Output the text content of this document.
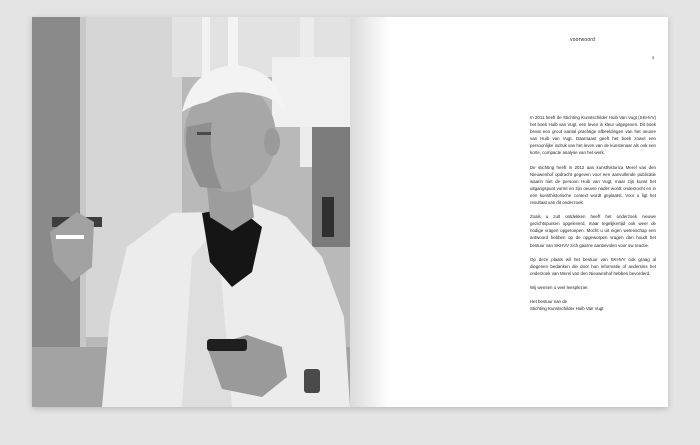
voorwoord
5

In 2011 heeft de Stichting Kunstschilder Huib Van Vugt (SKHVV) het boek Huib van Vugt, een leven in kleur uitgegeven. Dit boek bevat een groot aantal prachtige afbeeldingen van het oeuvre van Huib van Vugt. Daarnaast geeft het boek zowel een persoonlijke indruk van het leven van de kunstenaar als ook een korte, compacte analyse van het werk.

De stichting heeft in 2012 aan kunsthistorica Merel van den Nieuwenhof opdracht gegeven voor een aanvullende publicatie waarin niet de persoon Huib van Vugt, maar zijn kunst het uitgangspunt vormt en zijn oeuvre nader wordt onderzocht en in een kunsthistorische context wordt geplaatst. Voor u ligt het resultaat van dit onderzoek.

Zoals u zult ontdekken heeft het onderzoek nieuwe gezichtspunten opgeleverd, maar tegelijkertijd ook weer de nodige vragen opgeroepen. Mocht u uit eigen wetenschap een antwoord hebben op de opgeworpen vragen dan houdt het bestuur van SKHVV zich gaarne aanbevolen voor uw reactie.

Op deze plaats wil het bestuur van SKHVV ook graag al diegenen bedanken die door hun informatie of andersins het onderzoek van Merel van den Nieuwenhof hebben bevorderd.

Wij wensen u veel leesplezier.

Het bestuur van de

Stichting Kunstschilder Huib Van Vugt
